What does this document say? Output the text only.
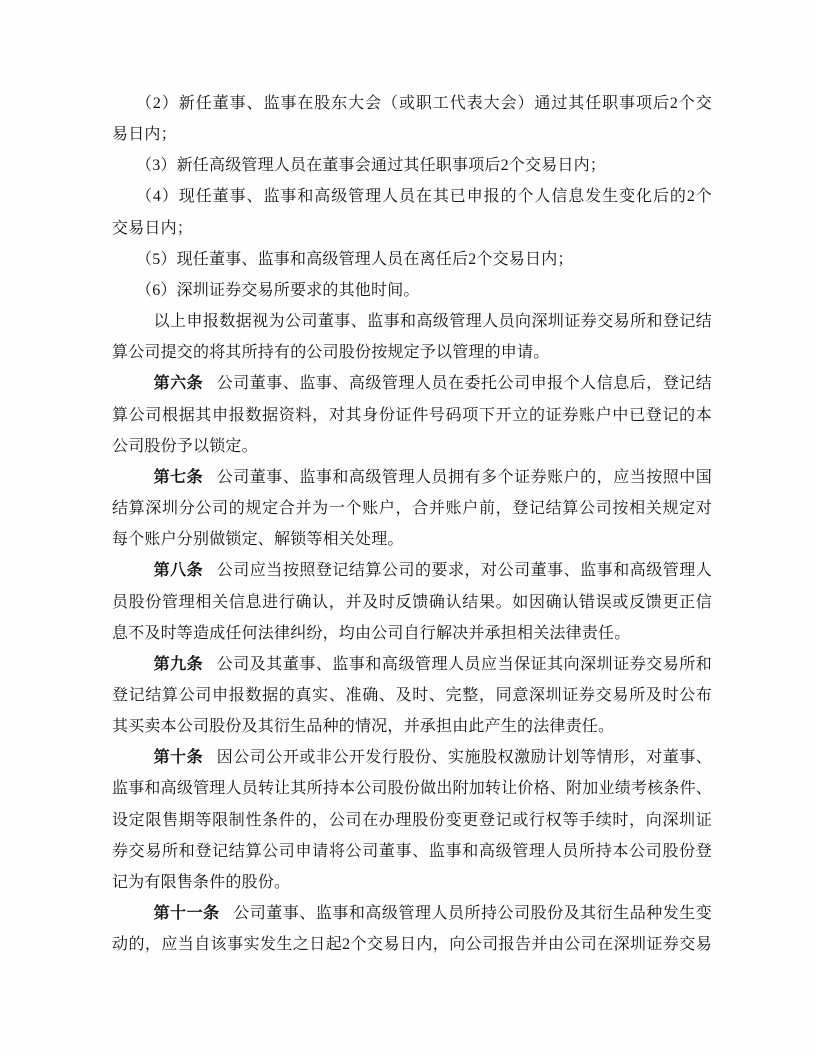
（2）新任董事、监事在股东大会（或职工代表大会）通过其任职事项后2个交
易日内；
（3）新任高级管理人员在董事会通过其任职事项后2个交易日内；
（4）现任董事、监事和高级管理人员在其已申报的个人信息发生变化后的2个
交易日内；
（5）现任董事、监事和高级管理人员在离任后2个交易日内；
（6）深圳证券交易所要求的其他时间。
以上申报数据视为公司董事、监事和高级管理人员向深圳证券交易所和登记结
算公司提交的将其所持有的公司股份按规定予以管理的申请。
第六条 公司董事、监事、高级管理人员在委托公司申报个人信息后，登记结
算公司根据其申报数据资料，对其身份证件号码项下开立的证券账户中已登记的本
公司股份予以锁定。
第七条 公司董事、监事和高级管理人员拥有多个证券账户的，应当按照中国
结算深圳分公司的规定合并为一个账户，合并账户前，登记结算公司按相关规定对
每个账户分别做锁定、解锁等相关处理。
第八条 公司应当按照登记结算公司的要求，对公司董事、监事和高级管理人
员股份管理相关信息进行确认，并及时反馈确认结果。如因确认错误或反馈更正信
息不及时等造成任何法律纠纷，均由公司自行解决并承担相关法律责任。
第九条 公司及其董事、监事和高级管理人员应当保证其向深圳证券交易所和
登记结算公司申报数据的真实、准确、及时、完整，同意深圳证券交易所及时公布
其买卖本公司股份及其衍生品种的情况，并承担由此产生的法律责任。
第十条 因公司公开或非公开发行股份、实施股权激励计划等情形，对董事、
监事和高级管理人员转让其所持本公司股份做出附加转让价格、附加业绩考核条件、
设定限售期等限制性条件的，公司在办理股份变更登记或行权等手续时，向深圳证
券交易所和登记结算公司申请将公司董事、监事和高级管理人员所持本公司股份登
记为有限售条件的股份。
第十一条 公司董事、监事和高级管理人员所持公司股份及其衍生品种发生变
动的，应当自该事实发生之日起2个交易日内，向公司报告并由公司在深圳证券交易
